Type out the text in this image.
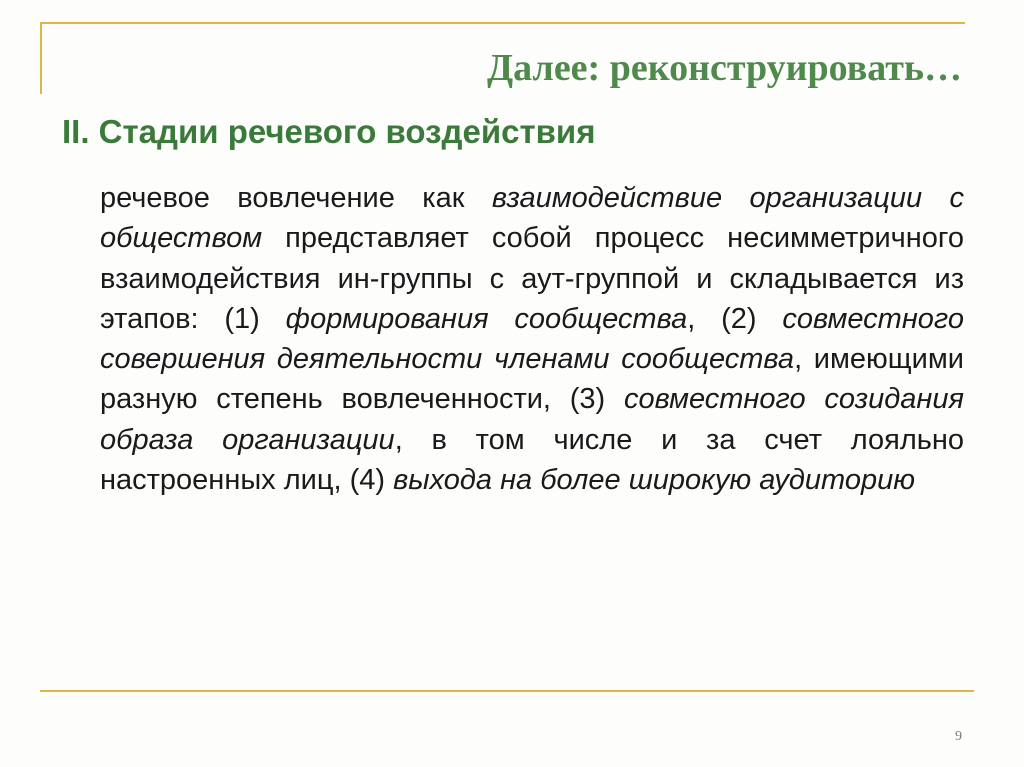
Далее: реконструировать…
II. Стадии речевого воздействия

речевое вовлечение как взаимодействие организации с обществом представляет собой процесс несимметричного взаимодействия ин-группы с аут-группой и складывается из этапов: (1) формирования сообщества, (2) совместного совершения деятельности членами сообщества, имеющими разную степень вовлеченности, (3) совместного созидания образа организации, в том числе и за счет лояльно настроенных лиц, (4) выхода на более широкую аудиторию

9
